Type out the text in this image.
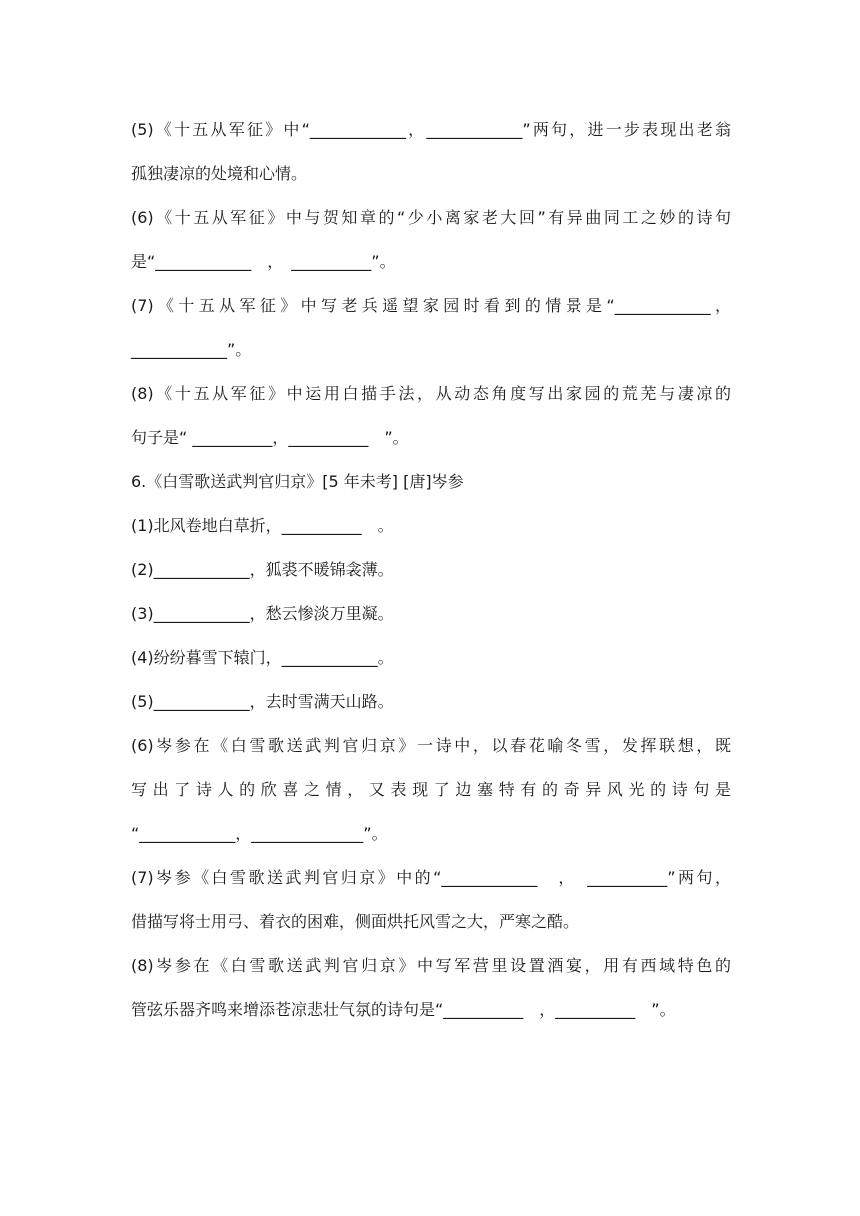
(5)《十五从军征》中“____________，____________”两句，进一步表现出老翁

孤独凄凉的处境和心情。

(6)《十五从军征》中与贺知章的“少小离家老大回”有异曲同工之妙的诗句

是“____________　，　__________”。

(7)《十五从军征》中写老兵遥望家园时看到的情景是“____________，

____________”。

(8)《十五从军征》中运用白描手法，从动态角度写出家园的荒芜与凄凉的

句子是“ __________，__________　”。

6.《白雪歌送武判官归京》[5 年未考] [唐]岑参

(1)北风卷地白草折，__________　。

(2)____________，狐裘不暖锦衾薄。

(3)____________，愁云惨淡万里凝。

(4)纷纷暮雪下辕门，____________。

(5)____________，去时雪满天山路。

(6)岑参在《白雪歌送武判官归京》一诗中，以春花喻冬雪，发挥联想，既

写出了诗人的欣喜之情，又表现了边塞特有的奇异风光的诗句是

“____________，______________”。

(7)岑参《白雪歌送武判官归京》中的“____________　，　__________”两句，

借描写将士用弓、着衣的困难，侧面烘托风雪之大，严寒之酷。

(8)岑参在《白雪歌送武判官归京》中写军营里设置酒宴，用有西域特色的

管弦乐器齐鸣来增添苍凉悲壮气氛的诗句是“__________　，__________　”。
